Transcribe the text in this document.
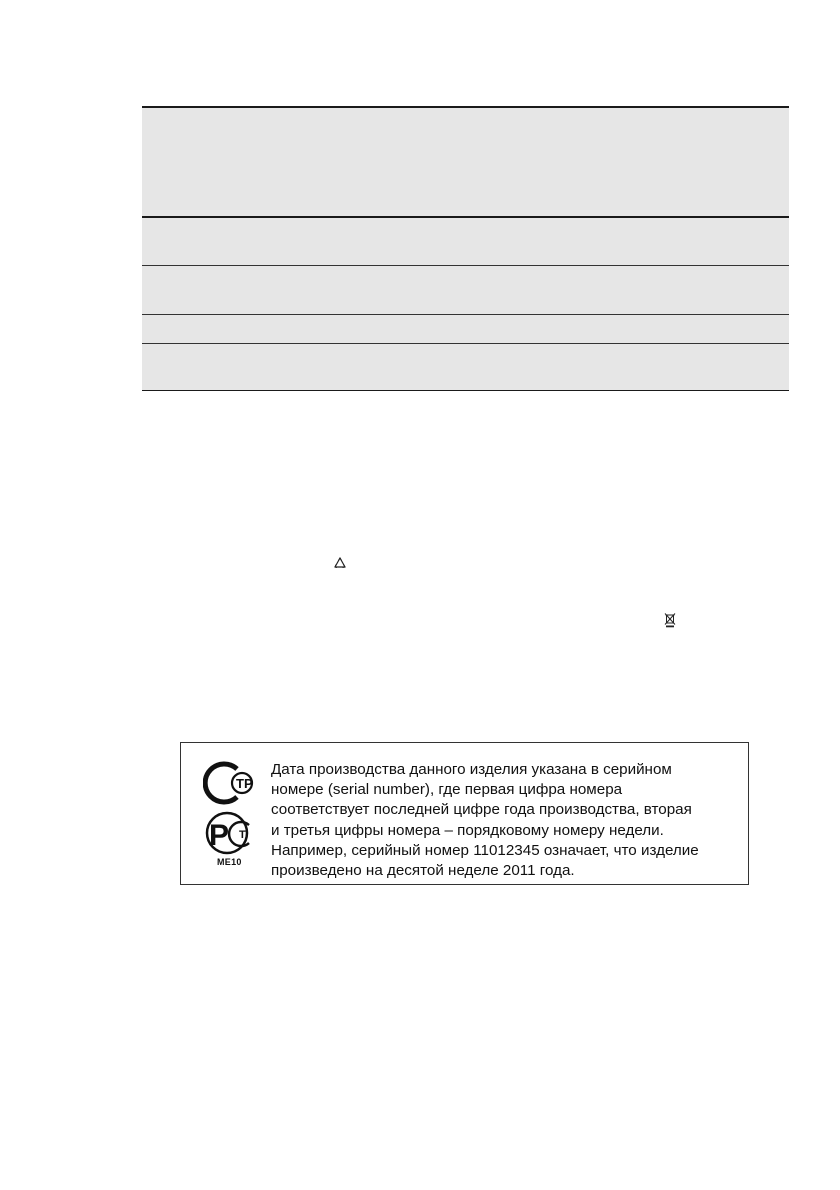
ТР
Р Т
ME10
Дата производства данного изделия указана в серийном
номере (serial number), где первая цифра номера
соответствует последней цифре года производства, вторая
и третья цифры номера – порядковому номеру недели.
Например, серийный номер 11012345 означает, что изделие
произведено на десятой неделе 2011 года.
